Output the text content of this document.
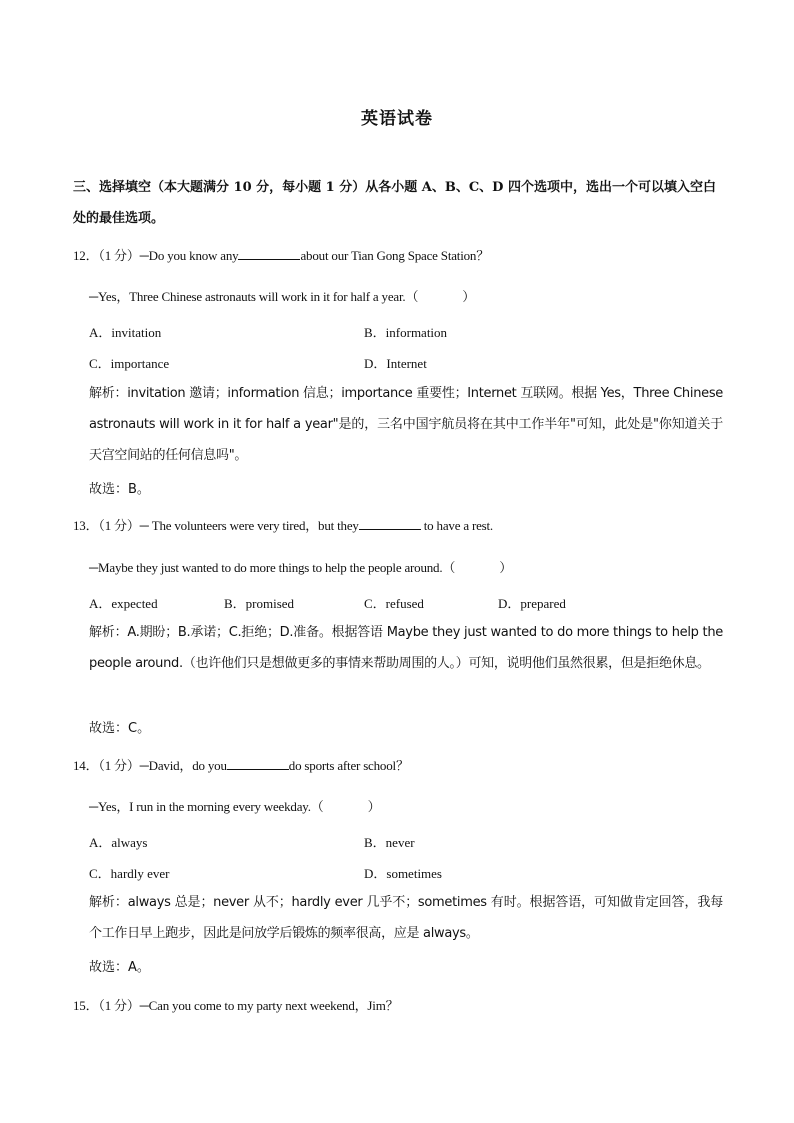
英语试卷
三、选择填空（本大题满分 10 分，每小题 1 分）从各小题 A、B、C、D 四个选项中，选出一个可以填入空白处的最佳选项。
12．（1 分）─Do you know any	about our Tian Gong Space Station？
─Yes，Three Chinese astronauts will work in it for half a year.（	）
A．invitation	B．information
C．importance	D．Internet
解析：invitation 邀请；information 信息；importance 重要性；Internet 互联网。根据 Yes，Three Chinese astronauts will work in it for half a year"是的，三名中国宇航员将在其中工作半年"可知，此处是"你知道关于天宫空间站的任何信息吗"。
故选：B。
13．（1 分）─ The volunteers were very tired，but they	to have a rest.
─Maybe they just wanted to do more things to help the people around.（	）
A．expected	B．promised	C．refused	D．prepared
解析：A.期盼；B.承诺；C.拒绝；D.准备。根据答语 Maybe they just wanted to do more things to help the people around.（也许他们只是想做更多的事情来帮助周围的人。）可知，说明他们虽然很累，但是拒绝休息。
故选：C。
14．（1 分）─David，do you	do sports after school？
─Yes，I run in the morning every weekday.（	）
A．always	B．never
C．hardly ever	D．sometimes
解析：always 总是；never 从不；hardly ever 几乎不；sometimes 有时。根据答语，可知做肯定回答，我每个工作日早上跑步，因此是问放学后锻炼的频率很高，应是 always。
故选：A。
15．（1 分）─Can you come to my party next weekend，Jim？
